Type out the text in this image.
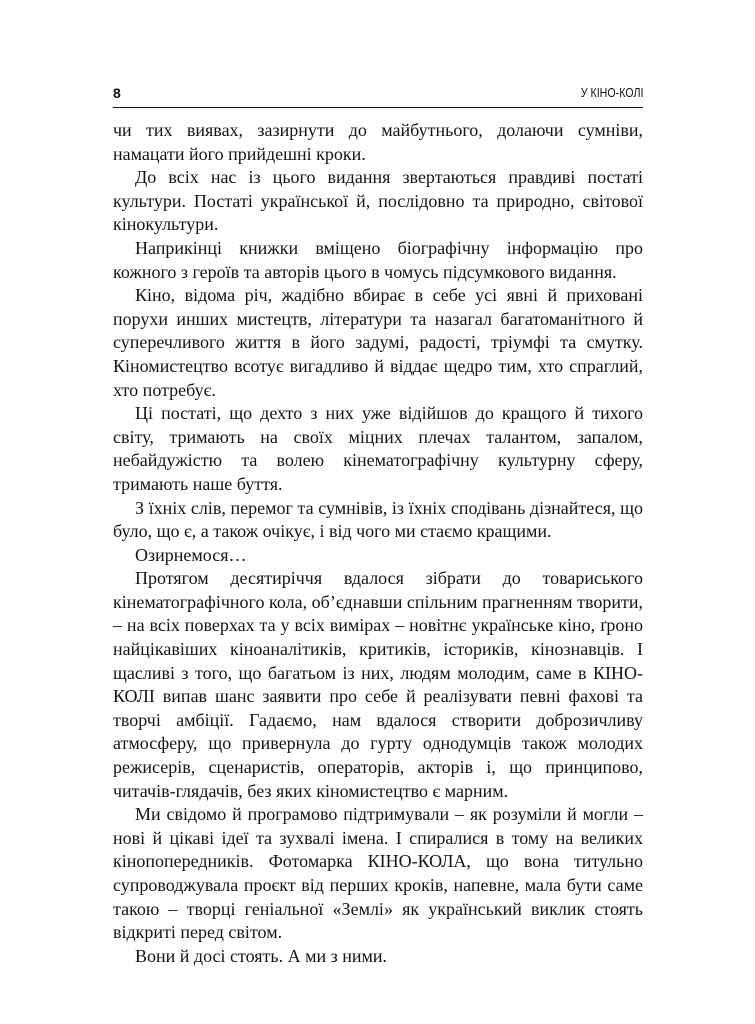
8	У КІНО-КОЛІ

чи тих виявах, зазирнути до майбутнього, долаючи сумніви, намацати його прийдешні кроки.

До всіх нас із цього видання звертаються правдиві постаті культури. Постаті української й, послідовно та природно, світової кінокультури.

Наприкінці книжки вміщено біографічну інформацію про кожного з героїв та авторів цього в чомусь підсумкового видання.

Кіно, відома річ, жадібно вбирає в себе усі явні й приховані порухи инших мистецтв, літератури та назагал багатоманітного й суперечливого життя в його задумі, радості, тріумфі та смутку. Кіномистецтво всотує вигадливо й віддає щедро тим, хто спраглий, хто потребує.

Ці постаті, що дехто з них уже відійшов до кращого й тихого світу, тримають на своїх міцних плечах талантом, запалом, небайдужістю та волею кінематографічну культурну сферу, тримають наше буття.

З їхніх слів, перемог та сумнівів, із їхніх сподівань дізнайтеся, що було, що є, а також очікує, і від чого ми стаємо кращими.

Озирнемося…

Протягом десятиріччя вдалося зібрати до товариського кінематографічного кола, об’єднавши спільним прагненням творити, – на всіх поверхах та у всіх вимірах – новітнє українське кіно, ґроно найцікавіших кіноаналітиків, критиків, істориків, кінознавців. І щасливі з того, що багатьом із них, людям молодим, саме в КІНО-КОЛІ випав шанс заявити про себе й реалізувати певні фахові та творчі амбіції. Гадаємо, нам вдалося створити доброзичливу атмосферу, що привернула до гурту однодумців також молодих режисерів, сценаристів, операторів, акторів і, що принципово, читачів-глядачів, без яких кіномистецтво є марним.

Ми свідомо й програмово підтримували – як розуміли й могли – нові й цікаві ідеї та зухвалі імена. І спиралися в тому на великих кінопопередників. Фотомарка КІНО-КОЛА, що вона титульно супроводжувала проєкт від перших кроків, напевне, мала бути саме такою – творці геніальної «Землі» як український виклик стоять відкриті перед світом.

Вони й досі стоять. А ми з ними.
